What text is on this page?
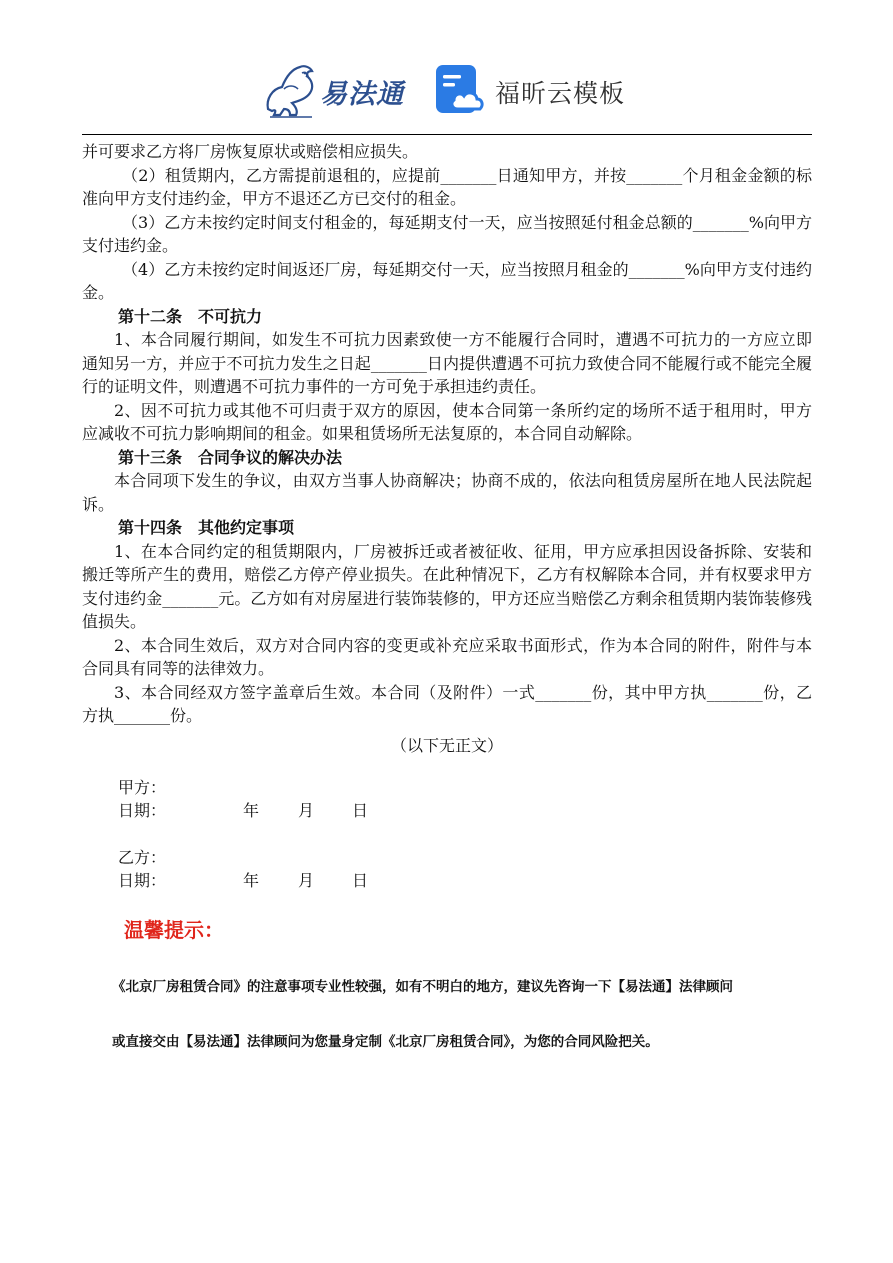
易法通	福昕云模板

并可要求乙方将厂房恢复原状或赔偿相应损失。

（2）租赁期内，乙方需提前退租的，应提前_______日通知甲方，并按_______个月租金金额的标准向甲方支付违约金，甲方不退还乙方已交付的租金。

（3）乙方未按约定时间支付租金的，每延期支付一天，应当按照延付租金总额的_______%向甲方支付违约金。

（4）乙方未按约定时间返还厂房，每延期交付一天，应当按照月租金的_______%向甲方支付违约金。

第十二条　不可抗力

1、本合同履行期间，如发生不可抗力因素致使一方不能履行合同时，遭遇不可抗力的一方应立即通知另一方，并应于不可抗力发生之日起_______日内提供遭遇不可抗力致使合同不能履行或不能完全履行的证明文件，则遭遇不可抗力事件的一方可免于承担违约责任。

2、因不可抗力或其他不可归责于双方的原因，使本合同第一条所约定的场所不适于租用时，甲方应减收不可抗力影响期间的租金。如果租赁场所无法复原的，本合同自动解除。

第十三条　合同争议的解决办法

本合同项下发生的争议，由双方当事人协商解决；协商不成的，依法向租赁房屋所在地人民法院起诉。

第十四条　其他约定事项

1、在本合同约定的租赁期限内，厂房被拆迁或者被征收、征用，甲方应承担因设备拆除、安装和搬迁等所产生的费用，赔偿乙方停产停业损失。在此种情况下，乙方有权解除本合同，并有权要求甲方支付违约金_______元。乙方如有对房屋进行装饰装修的，甲方还应当赔偿乙方剩余租赁期内装饰装修残值损失。

2、本合同生效后，双方对合同内容的变更或补充应采取书面形式，作为本合同的附件，附件与本合同具有同等的法律效力。

3、本合同经双方签字盖章后生效。本合同（及附件）一式_______份，其中甲方执_______份，乙方执_______份。

（以下无正文）

甲方：
日期：	年 月 日
乙方：
日期：	年 月 日
温馨提示：
《北京厂房租赁合同》的注意事项专业性较强，如有不明白的地方，建议先咨询一下【易法通】法律顾问
或直接交由【易法通】法律顾问为您量身定制《北京厂房租赁合同》，为您的合同风险把关。
